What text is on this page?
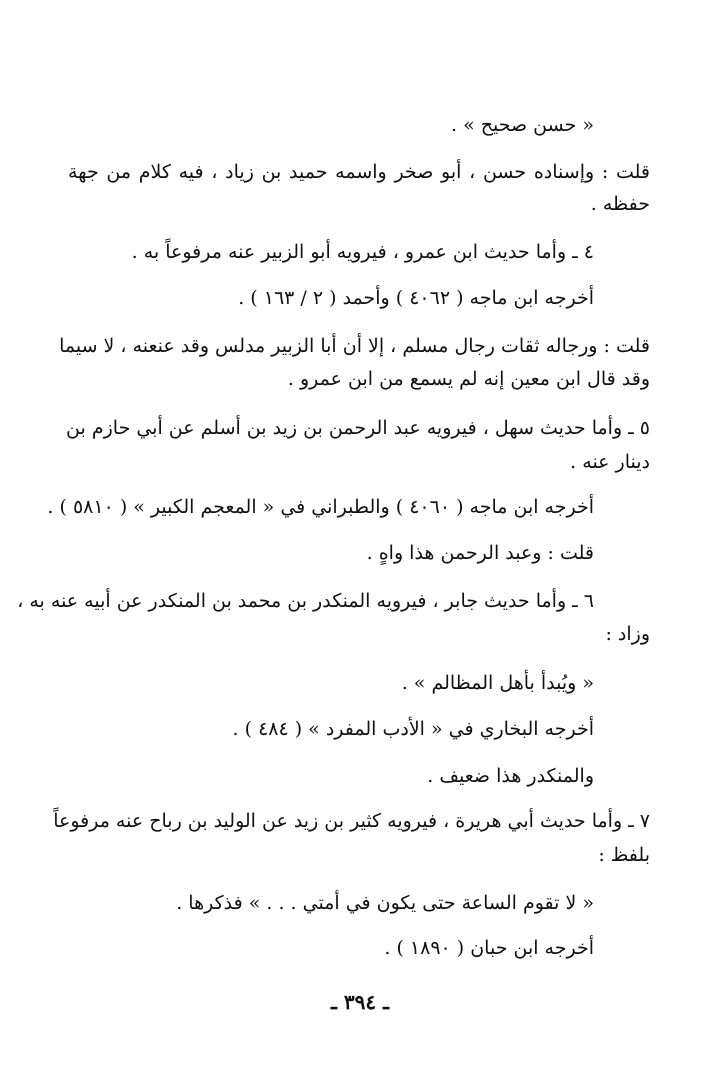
« حسن صحيح » .
قلت : وإسناده حسن ، أبو صخر واسمه حميد بن زياد ، فيه كلام من جهة
حفظه .
٤ ـ وأما حديث ابن عمرو ، فيرويه أبو الزبير عنه مرفوعاً به .
أخرجه ابن ماجه ( ٤٠٦٢ ) وأحمد ( ٢ / ١٦٣ ) .
قلت : ورجاله ثقات رجال مسلم ، إلا أن أبا الزبير مدلس وقد عنعنه ، لا سيما
وقد قال ابن معين إنه لم يسمع من ابن عمرو .
٥ ـ وأما حديث سهل ، فيرويه عبد الرحمن بن زيد بن أسلم عن أبي حازم بن
دينار عنه .
أخرجه ابن ماجه ( ٤٠٦٠ ) والطبراني في « المعجم الكبير » ( ٥٨١٠ ) .
قلت : وعبد الرحمن هذا واهٍ .
٦ ـ وأما حديث جابر ، فيرويه المنكدر بن محمد بن المنكدر عن أبيه عنه به ،
وزاد :
« ويُبدأ بأهل المظالم » .
أخرجه البخاري في « الأدب المفرد » ( ٤٨٤ ) .
والمنكدر هذا ضعيف .
٧ ـ وأما حديث أبي هريرة ، فيرويه كثير بن زيد عن الوليد بن رباح عنه مرفوعاً
بلفظ :
« لا تقوم الساعة حتى يكون في أمتي . . . » فذكرها .
أخرجه ابن حبان ( ١٨٩٠ ) .
ـ ٣٩٤ ـ
